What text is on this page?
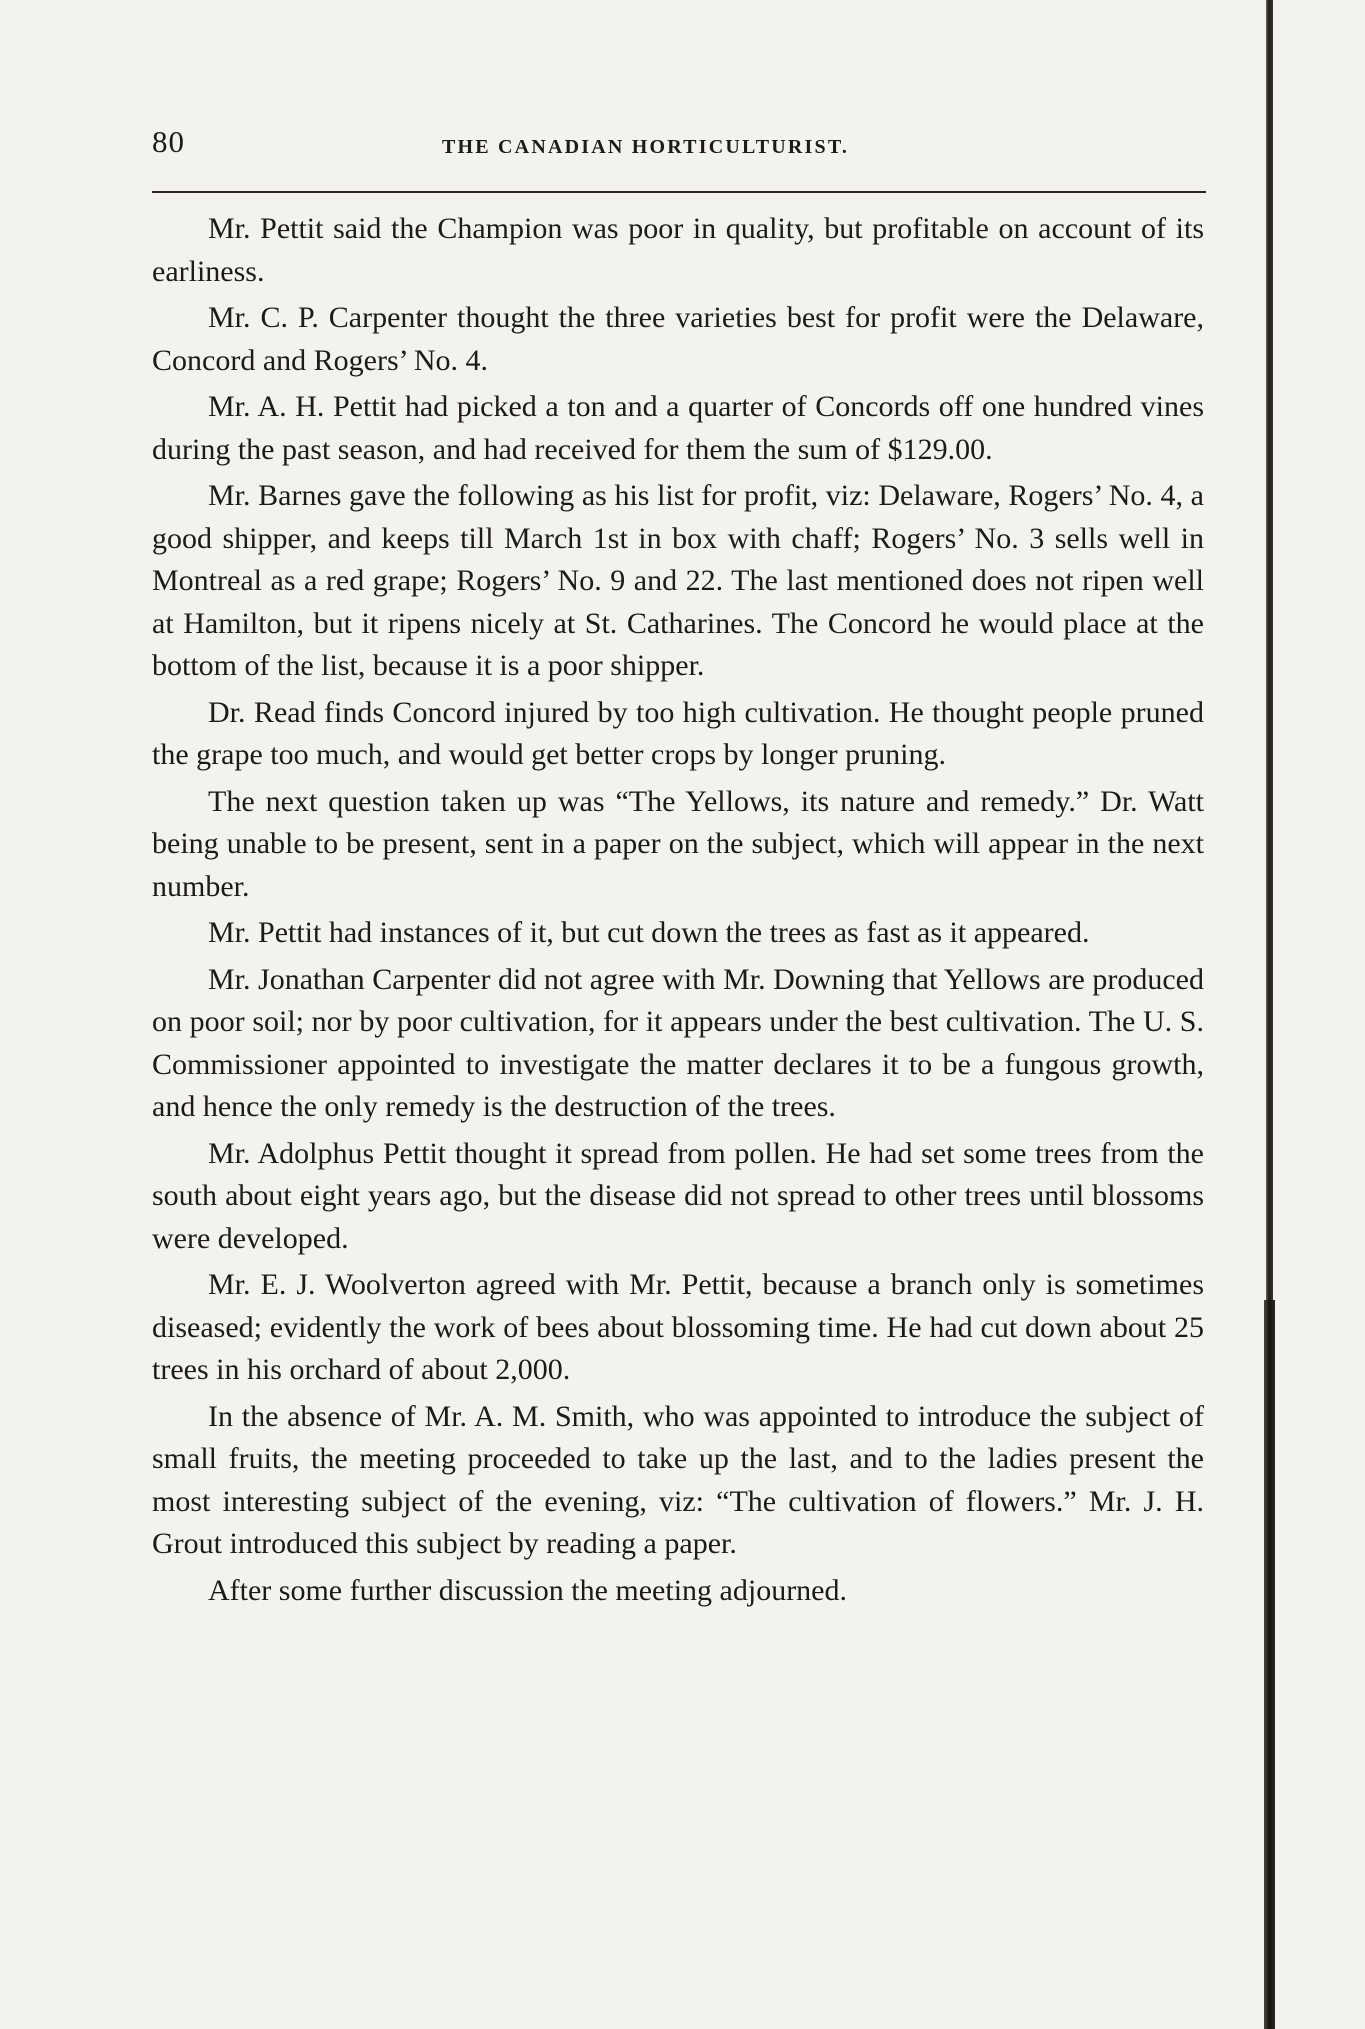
80	THE CANADIAN HORTICULTURIST.

Mr. Pettit said the Champion was poor in quality, but profitable on account of its earliness.

Mr. C. P. Carpenter thought the three varieties best for profit were the Delaware, Concord and Rogers’ No. 4.

Mr. A. H. Pettit had picked a ton and a quarter of Concords off one hundred vines during the past season, and had received for them the sum of $129.00.

Mr. Barnes gave the following as his list for profit, viz: Delaware, Rogers’ No. 4, a good shipper, and keeps till March 1st in box with chaff; Rogers’ No. 3 sells well in Montreal as a red grape; Rogers’ No. 9 and 22. The last mentioned does not ripen well at Hamilton, but it ripens nicely at St. Catharines. The Concord he would place at the bottom of the list, because it is a poor shipper.

Dr. Read finds Concord injured by too high cultivation. He thought people pruned the grape too much, and would get better crops by longer pruning.

The next question taken up was “The Yellows, its nature and remedy.” Dr. Watt being unable to be present, sent in a paper on the subject, which will appear in the next number.

Mr. Pettit had instances of it, but cut down the trees as fast as it appeared.

Mr. Jonathan Carpenter did not agree with Mr. Downing that Yellows are produced on poor soil; nor by poor cultivation, for it appears under the best cultivation. The U. S. Commissioner appointed to investigate the matter declares it to be a fungous growth, and hence the only remedy is the destruction of the trees.

Mr. Adolphus Pettit thought it spread from pollen. He had set some trees from the south about eight years ago, but the disease did not spread to other trees until blossoms were developed.

Mr. E. J. Woolverton agreed with Mr. Pettit, because a branch only is sometimes diseased; evidently the work of bees about blossoming time. He had cut down about 25 trees in his orchard of about 2,000.

In the absence of Mr. A. M. Smith, who was appointed to introduce the subject of small fruits, the meeting proceeded to take up the last, and to the ladies present the most interesting subject of the evening, viz: “The cultivation of flowers.” Mr. J. H. Grout introduced this subject by reading a paper.

After some further discussion the meeting adjourned.
